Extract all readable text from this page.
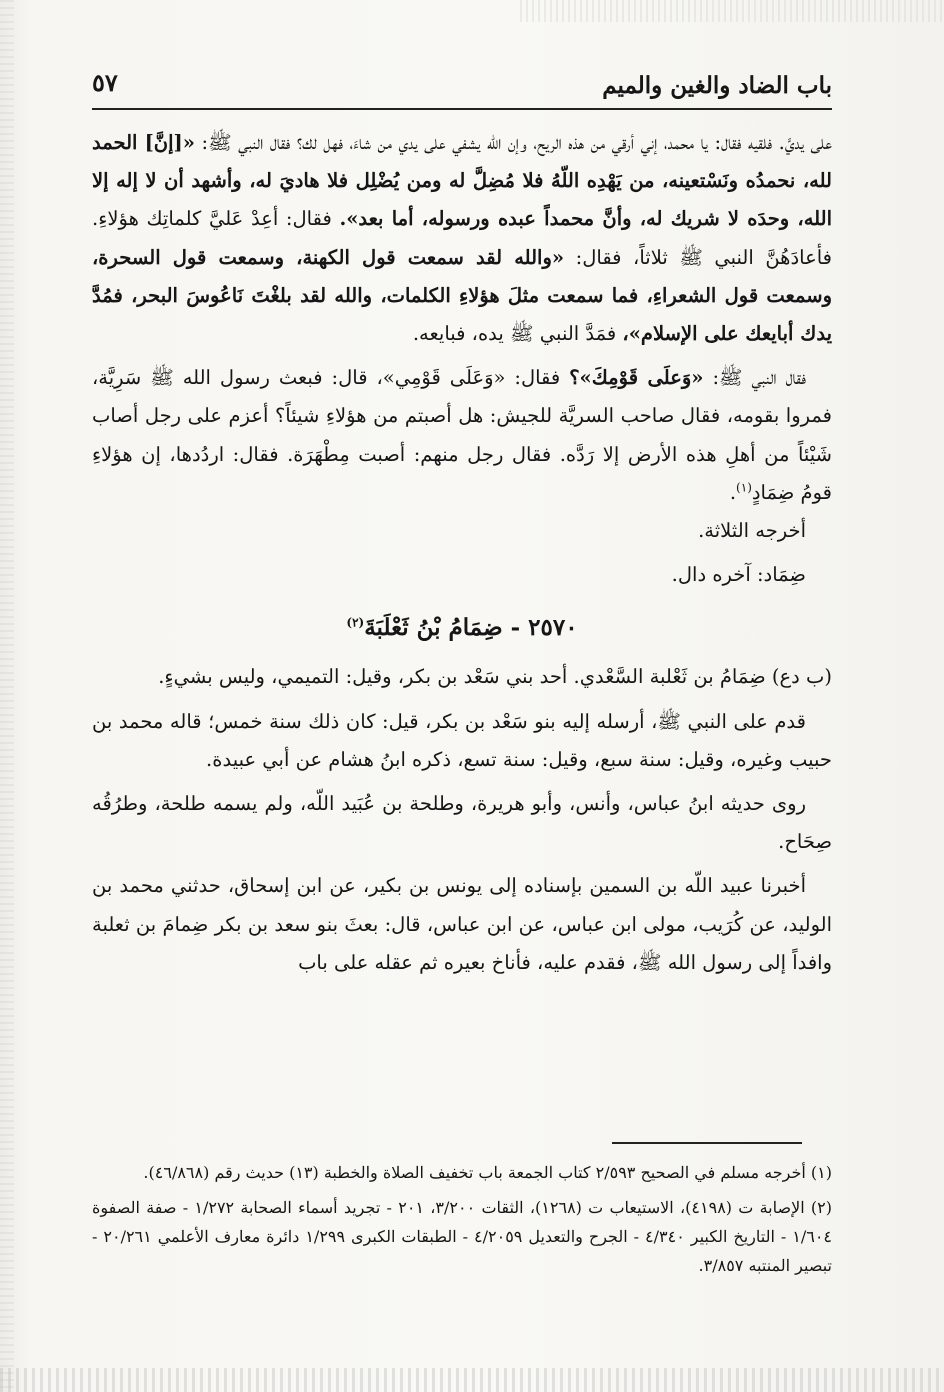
باب الضاد والغين والميم
٥٧

على يديَّ. فلقيه فقال: يا محمد، إني أرقي من هذه الريح، وإن الله يشفي على يدي من شاءَ، فهل لك؟ فقال النبي ﷺ: «[إنَّ] الحمد لله، نحمدُه ونَسْتعينه، من يَهْدِه اللّهُ فلا مُضِلَّ له ومن يُضْلِل فلا هاديَ له، وأشهد أن لا إله إلا الله، وحدَه لا شريك له، وأنَّ محمداً عبده ورسوله، أما بعد». فقال: أعِدْ عَليَّ كلماتِك هؤلاءِ. فأعادَهُنَّ النبي ﷺ ثلاثاً، فقال: «والله لقد سمعت قول الكهنة، وسمعت قول السحرة، وسمعت قول الشعراءِ، فما سمعت مثلَ هؤلاءِ الكلمات، والله لقد بلغْتَ نَاعُوسَ البحر، فمُدَّ يدك أبايعك على الإسلام»، فمَدَّ النبي ﷺ يده، فبايعه.

فقال النبي ﷺ: «وَعلَى قَوْمِكَ»؟ فقال: «وَعَلَى قَوْمِي»، قال: فبعث رسول الله ﷺ سَرِيَّة، فمروا بقومه، فقال صاحب السريَّة للجيش: هل أصبتم من هؤلاءِ شيئاً؟ أعزم على رجل أصاب شَيْئاً من أهلِ هذه الأرض إلا رَدَّه. فقال رجل منهم: أصبت مِطْهَرَة. فقال: اردُدها، إن هؤلاءِ قومُ ضِمَادٍ$^{(١)}$.

أخرجه الثلاثة.

ضِمَاد: آخره دال.

٢٥٧٠ - ضِمَامُ بْنُ ثَعْلَبَةَ$^{(٢)}$

(ب دع) ضِمَامُ بن ثَعْلبة السَّعْدي. أحد بني سَعْد بن بكر، وقيل: التميمي، وليس بشيءٍ.

قدم على النبي ﷺ، أرسله إليه بنو سَعْد بن بكر، قيل: كان ذلك سنة خمس؛ قاله محمد بن حبيب وغيره، وقيل: سنة سبع، وقيل: سنة تسع، ذكره ابنُ هشام عن أبي عبيدة.

روى حديثه ابنُ عباس، وأنس، وأبو هريرة، وطلحة بن عُبَيد اللّه، ولم يسمه طلحة، وطرُقُه صِحَاح.

أخبرنا عبيد اللّه بن السمين بإسناده إلى يونس بن بكير، عن ابن إسحاق، حدثني محمد بن الوليد، عن كُرَيب، مولى ابن عباس، عن ابن عباس، قال: بعثَ بنو سعد بن بكر ضِمامَ بن ثعلبة وافداً إلى رسول الله ﷺ، فقدم عليه، فأناخ بعيره ثم عقله على باب

(١) أخرجه مسلم في الصحيح ٢/٥٩٣ كتاب الجمعة باب تخفيف الصلاة والخطبة (١٣) حديث رقم (٤٦/٨٦٨).

(٢) الإصابة ت (٤١٩٨)، الاستيعاب ت (١٢٦٨)، الثقات ٣/٢٠٠، ٢٠١ - تجريد أسماء الصحابة ١/٢٧٢ - صفة الصفوة ١/٦٠٤ - التاريخ الكبير ٤/٣٤٠ - الجرح والتعديل ٤/٢٠٥٩ - الطبقات الكبرى ١/٢٩٩ دائرة معارف الأعلمي ٢٠/٢٦١ - تبصير المنتبه ٣/٨٥٧.
